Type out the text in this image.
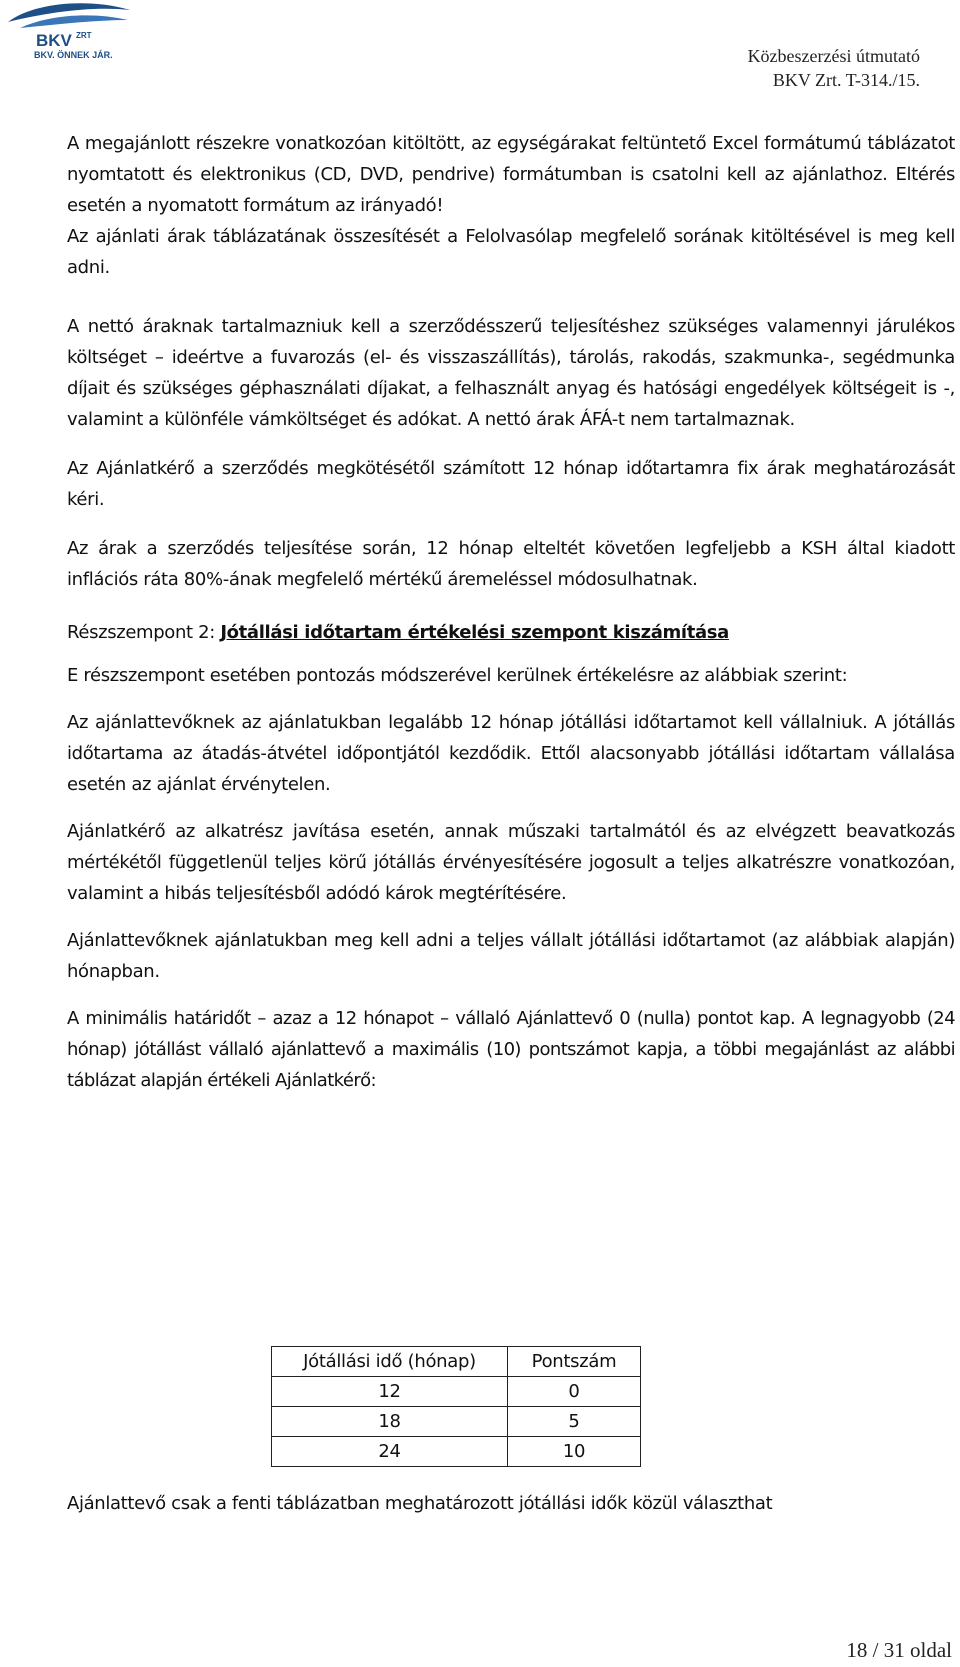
BKV ZRT
BKV. ÖNNEK JÁR.	Közbeszerzési útmutató
BKV Zrt. T-314./15.

A megajánlott részekre vonatkozóan kitöltött, az egységárakat feltüntető Excel formátumú táblázatot nyomtatott és elektronikus (CD, DVD, pendrive) formátumban is csatolni kell az ajánlathoz. Eltérés esetén a nyomatott formátum az irányadó!

Az ajánlati árak táblázatának összesítését a Felolvasólap megfelelő sorának kitöltésével is meg kell adni.

A nettó áraknak tartalmazniuk kell a szerződésszerű teljesítéshez szükséges valamennyi járulékos költséget – ideértve a fuvarozás (el- és visszaszállítás), tárolás, rakodás, szakmunka-, segédmunka díjait és szükséges géphasználati díjakat, a felhasznált anyag és hatósági engedélyek költségeit is -, valamint a különféle vámköltséget és adókat. A nettó árak ÁFÁ-t nem tartalmaznak.

Az Ajánlatkérő a szerződés megkötésétől számított 12 hónap időtartamra fix árak meghatározását kéri.

Az árak a szerződés teljesítése során, 12 hónap elteltét követően legfeljebb a KSH által kiadott inflációs ráta 80%-ának megfelelő mértékű áremeléssel módosulhatnak.

Részszempont 2: Jótállási időtartam értékelési szempont kiszámítása

E részszempont esetében pontozás módszerével kerülnek értékelésre az alábbiak szerint:

Az ajánlattevőknek az ajánlatukban legalább 12 hónap jótállási időtartamot kell vállalniuk. A jótállás időtartama az átadás-átvétel időpontjától kezdődik. Ettől alacsonyabb jótállási időtartam vállalása esetén az ajánlat érvénytelen.

Ajánlatkérő az alkatrész javítása esetén, annak műszaki tartalmától és az elvégzett beavatkozás mértékétől függetlenül teljes körű jótállás érvényesítésére jogosult a teljes alkatrészre vonatkozóan, valamint a hibás teljesítésből adódó károk megtérítésére.

Ajánlattevőknek ajánlatukban meg kell adni a teljes vállalt jótállási időtartamot (az alábbiak alapján) hónapban.

A minimális határidőt – azaz a 12 hónapot – vállaló Ajánlattevő 0 (nulla) pontot kap. A legnagyobb (24 hónap) jótállást vállaló ajánlattevő a maximális (10) pontszámot kapja, a többi megajánlást az alábbi táblázat alapján értékeli Ajánlatkérő:

Jótállási idő (hónap)	Pontszám
12	0
18	5
24	10
Ajánlattevő csak a fenti táblázatban meghatározott jótállási idők közül választhat
18 / 31 oldal
